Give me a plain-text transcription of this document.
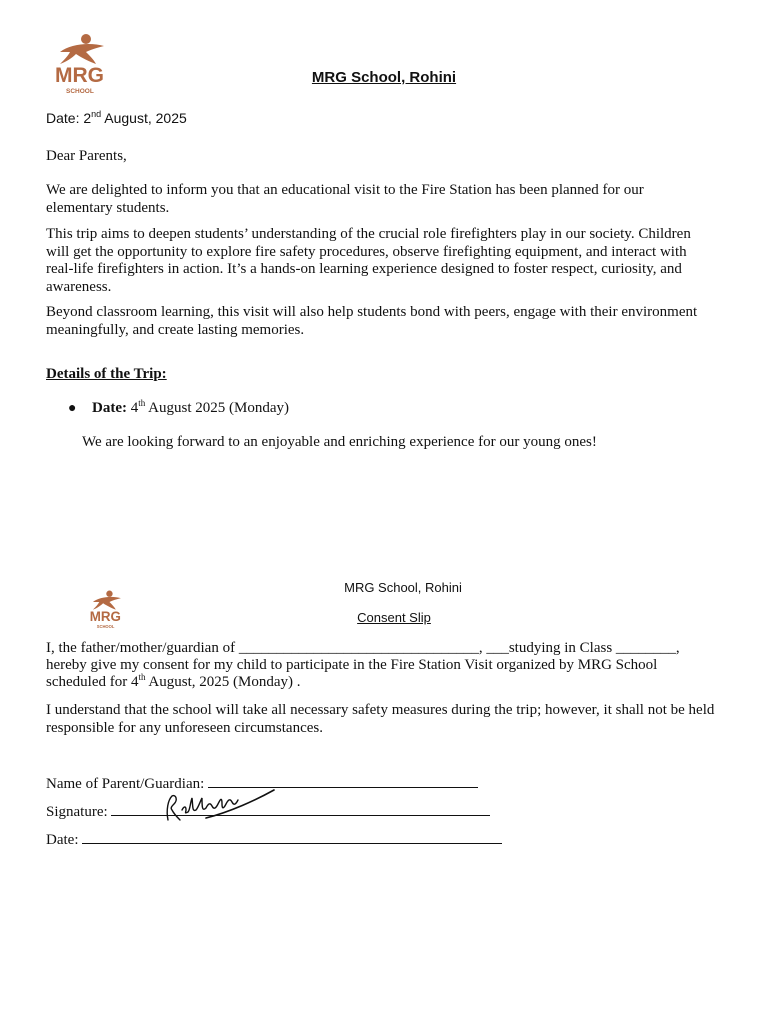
MRG
SCHOOL
MRG School, Rohini
Date: 2nd August, 2025
Dear Parents,
We are delighted to inform you that an educational visit to the Fire Station has been planned for our elementary students.
This trip aims to deepen students’ understanding of the crucial role firefighters play in our society. Children will get the opportunity to explore fire safety procedures, observe firefighting equipment, and interact with real-life firefighters in action. It’s a hands-on learning experience designed to foster respect, curiosity, and awareness.
Beyond classroom learning, this visit will also help students bond with peers, engage with their environment meaningfully, and create lasting memories.
Details of the Trip:
● Date: 4th August 2025 (Monday)
We are looking forward to an enjoyable and enriching experience for our young ones!
MRG
SCHOOL
MRG School, Rohini
Consent Slip
I, the father/mother/guardian of ________________________________, ___studying in Class ________,
hereby give my consent for my child to participate in the Fire Station Visit organized by MRG School
scheduled for 4th August, 2025 (Monday) .
I understand that the school will take all necessary safety measures during the trip; however, it shall not be held responsible for any unforeseen circumstances.
Name of Parent/Guardian:
Signature:
Date:
